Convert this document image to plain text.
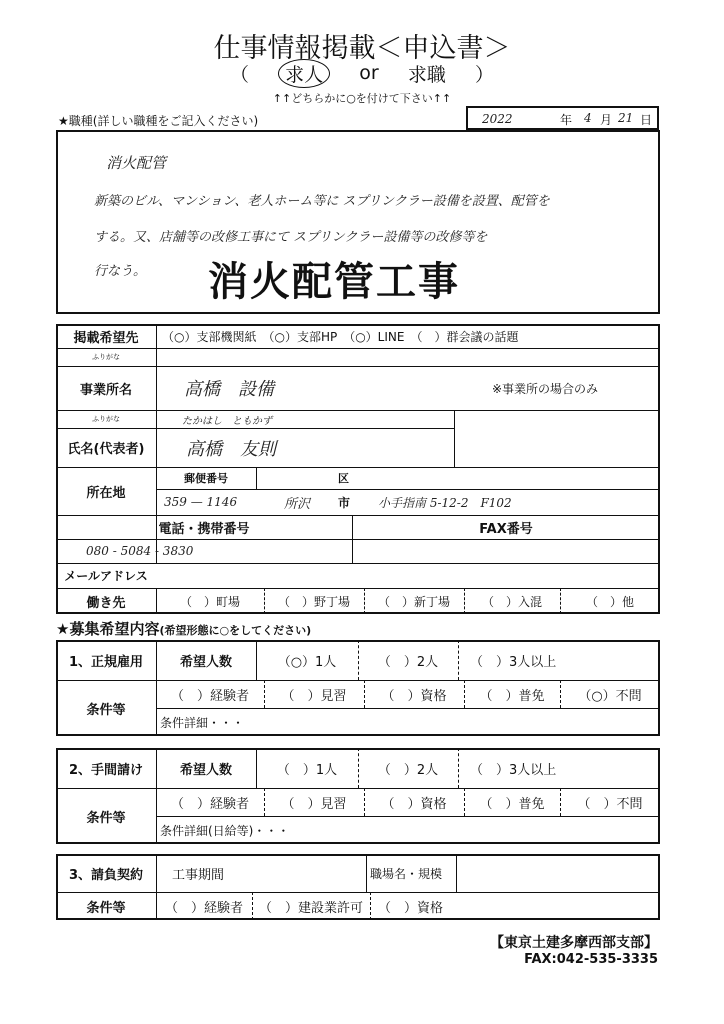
仕事情報掲載＜申込書＞
（	求人	or 求職 ）
↑↑どちらかに○を付けて下さい↑↑
★職種(詳しい職種をご記入ください)	2022	年 4 月 21 日
消火配管
新築のビル、マンション、老人ホーム等に スプリンクラー設備を設置、配管を
する。又、店舗等の改修工事にて スプリンクラー設備等の改修等を
行なう。 消火配管工事
掲載希望先	（○）支部機関紙　（○）支部HP　（○）LINE　（　）群会議の話題
ふりがな
事業所名	高橋　設備	※事業所の場合のみ
ふりがな	たかはし　ともかず
氏名(代表者)	高橋　友則
所在地
郵便番号	区
359 — 1146	所沢 市 小手指南 5-12-2　F102
電話・携帯番号	FAX番号
080 - 5084 - 3830
メールアドレス
働き先	（　）町場	（　）野丁場	（　）新丁場	（　）入混	（　）他
★募集希望内容(希望形態に○をしてください)
1、正規雇用	希望人数	（○）1人	（　）2人	（　）3人以上
条件等
（　）経験者	（　）見習	（　）資格	（　）普免	（○）不問
条件詳細・・・
2、手間請け	希望人数	（　）1人	（　）2人	（　）3人以上
条件等
（　）経験者	（　）見習	（　）資格	（　）普免	（　）不問
条件詳細(日給等)・・・
3、請負契約	工事期間	職場名・規模
条件等	（　）経験者	（　）建設業許可	（　）資格
【東京土建多摩西部支部】
FAX:042-535-3335
